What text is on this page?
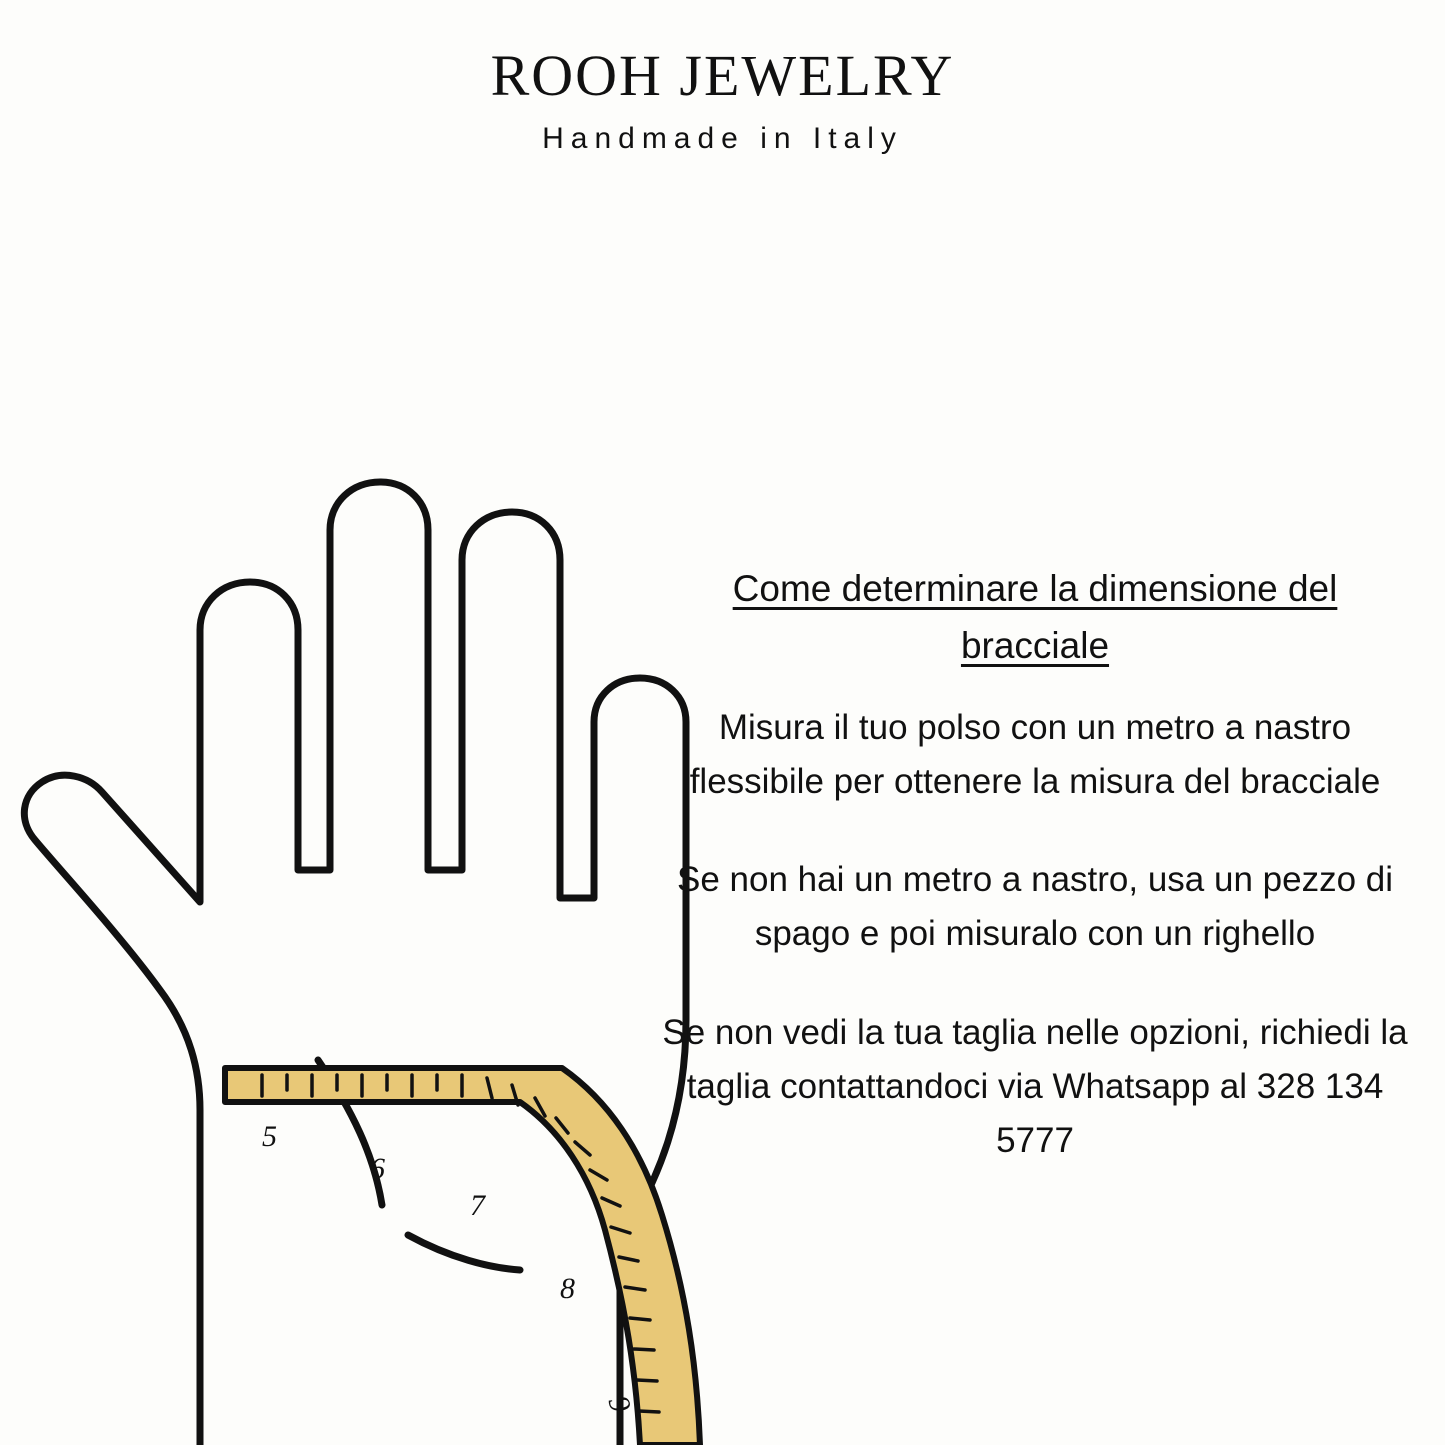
ROOH JEWELRY
Handmade in Italy
5
6
7
8
9

Come determinare la dimensione del bracciale

Misura il tuo polso con un metro a nastro flessibile per ottenere la misura del bracciale

Se non hai un metro a nastro, usa un pezzo di spago e poi misuralo con un righello

Se non vedi la tua taglia nelle opzioni, richiedi la taglia contattandoci via Whatsapp al 328 134 5777
